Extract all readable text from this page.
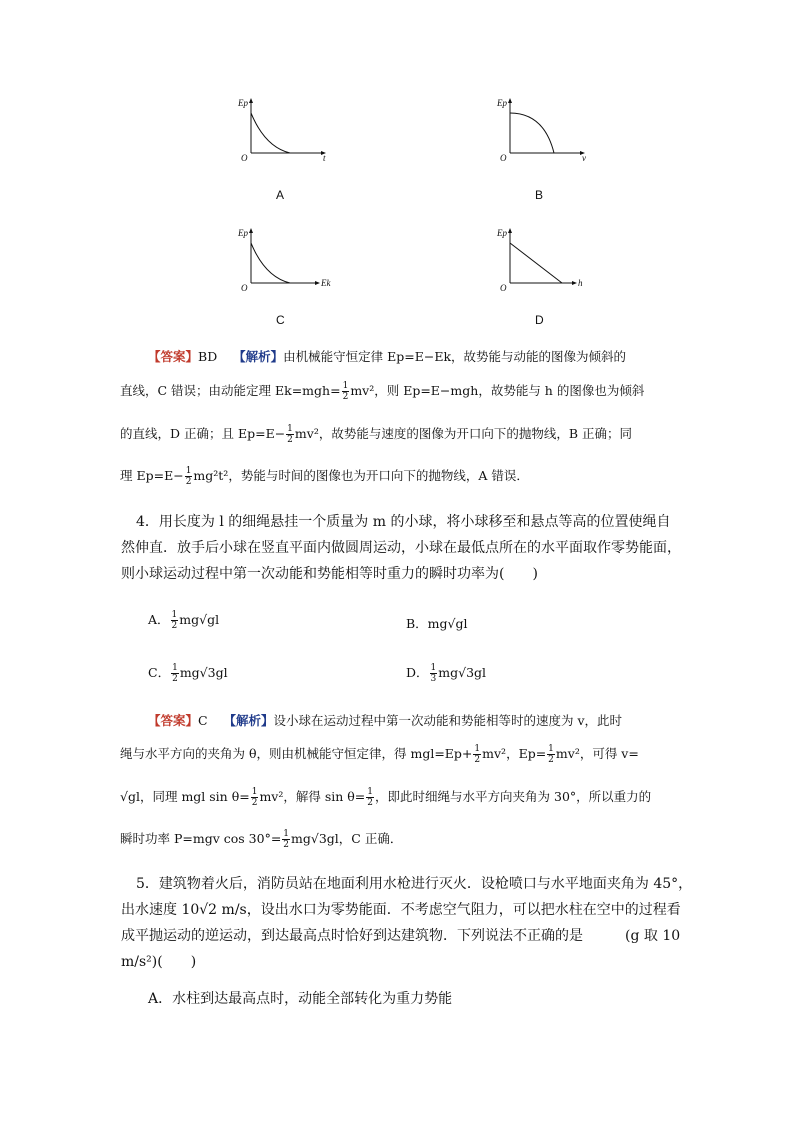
Ep
O	t
A
Ep
O	v
B
Ep
O	Ek
C
Ep
O	h
D
【答案】BD 【解析】由机械能守恒定律 Ep=E−Ek，故势能与动能的图像为倾斜的
直线，C 错误；由动能定理 $Ek=mgh= \frac{1}{2} mv^2$，则 Ep=E−mgh，故势能与 h 的图像也为倾斜
的直线，D 正确；且 $Ep=E- \frac{1}{2} mv^2$，故势能与速度的图像为开口向下的抛物线，B 正确；同
理 $Ep=E- \frac{1}{2} mg^2t^2$，势能与时间的图像也为开口向下的抛物线，A 错误．
4．用长度为 l 的细绳悬挂一个质量为 m 的小球，将小球移至和悬点等高的位置使绳自
然伸直．放手后小球在竖直平面内做圆周运动，小球在最低点所在的水平面取作零势能面，
则小球运动过程中第一次动能和势能相等时重力的瞬时功率为(　　)
A． $\frac{1}{2} mg√gl$	B．mg√gl
C． $\frac{1}{2} mg√3gl$	D． $\frac{1}{3} mg√3gl$
【答案】C 【解析】设小球在运动过程中第一次动能和势能相等时的速度为 v，此时
绳与水平方向的夹角为 θ，则由机械能守恒定律，得 $mgl=Ep+ \frac{1}{2} mv^2$，$Ep= \frac{1}{2} mv^2$，可得 v=
√gl，同理 mgl $\sin \theta= \frac{1}{2} mv^2$，解得 $\sin \theta= \frac{1}{2}$ ，即此时细绳与水平方向夹角为 30°，所以重力的
瞬时功率 P=mgv $\cos 30^\circ= \frac{1}{2} mg√3gl$，C 正确．
5．建筑物着火后，消防员站在地面利用水枪进行灭火．设枪喷口与水平地面夹角为 45°，
出水速度 10√2 m/s，设出水口为零势能面．不考虑空气阻力，可以把水柱在空中的过程看
成平抛运动的逆运动，到达最高点时恰好到达建筑物．下列说法不正确的是　　　(g 取 10
m/s²)(　　)
A．水柱到达最高点时，动能全部转化为重力势能
